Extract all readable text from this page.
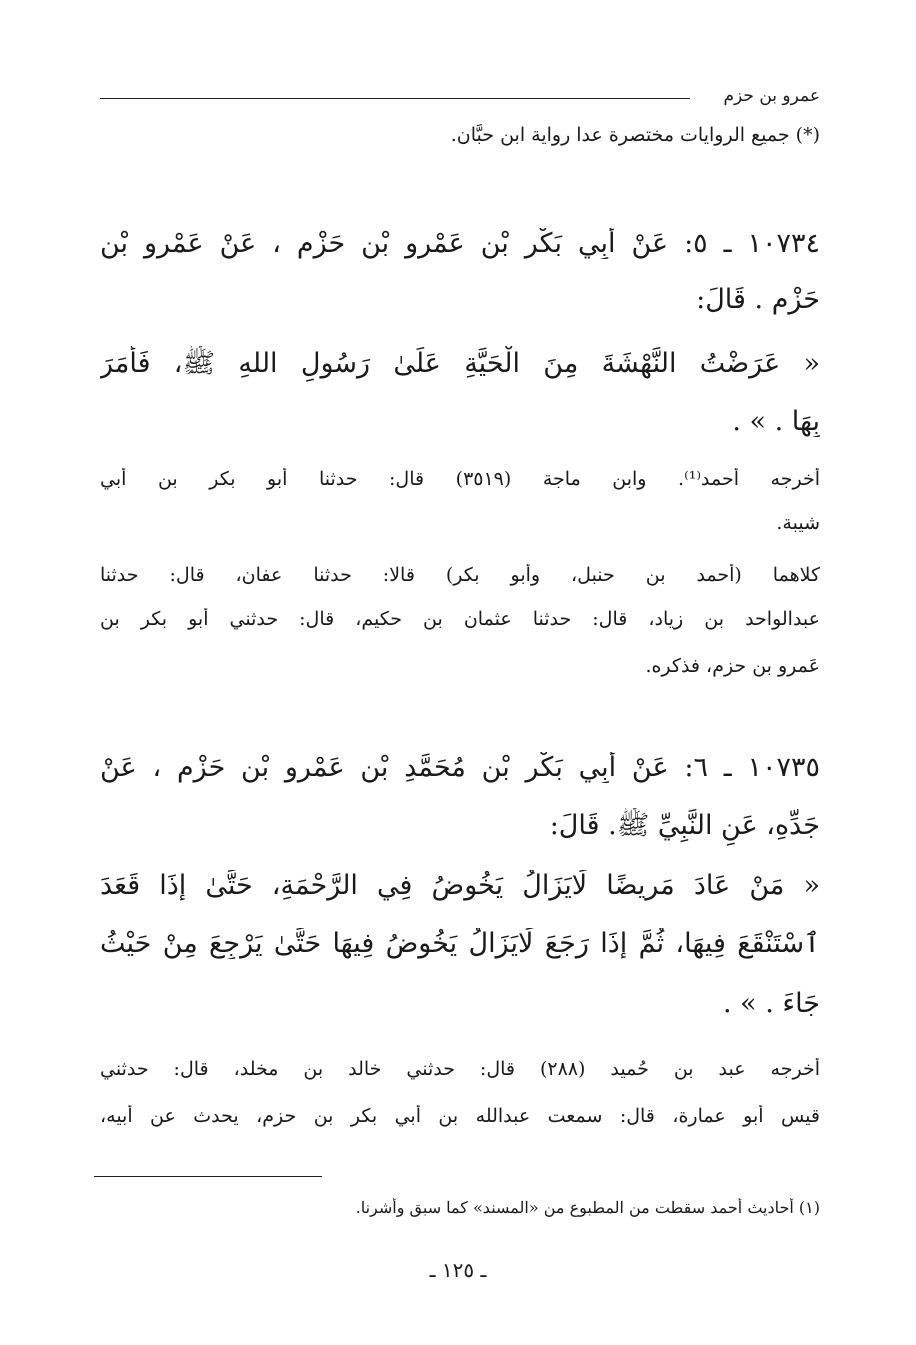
عمرو بن حزم
(*) جميع الروايات مختصرة عدا رواية ابن حبَّان.
١٠٧٣٤ ـ ٥: عَنْ أَبِي بَكْرِ بْنِ عَمْرِو بْنِ حَزْمٍ ، عَنْ عَمْرِو بْنِ
حَزْمٍ . قَالَ:
« عَرَضْتُ النَّهْشَةَ مِنَ الْحَيَّةِ عَلَىٰ رَسُولِ اللهِ ﷺ، فَأَمَرَ
بِهَا . » .
أخرجه أحمد⁽¹⁾. وابن ماجة (٣٥١٩) قال: حدثنا أبو بكر بن أبي
شيبة.
كلاهما (أحمد بن حنبل، وأبو بكر) قالا: حدثنا عفان، قال: حدثنا
عبدالواحد بن زياد، قال: حدثنا عثمان بن حكيم، قال: حدثني أبو بكر بن
عَمرو بن حزم، فذكره.
١٠٧٣٥ ـ ٦: عَنْ أَبِي بَكْرِ بْنِ مُحَمَّدِ بْنِ عَمْرِو بْنِ حَزْمٍ ، عَنْ
جَدِّهِ، عَنِ النَّبِيِّ ﷺ. قَالَ:
« مَنْ عَادَ مَرِيضًا لَايَزَالُ يَخُوضُ فِي الرَّحْمَةِ، حَتَّىٰ إِذَا قَعَدَ
ٱسْتَنْقَعَ فِيهَا، ثُمَّ إِذَا رَجَعَ لَايَزَالُ يَخُوضُ فِيهَا حَتَّىٰ يَرْجِعَ مِنْ حَيْثُ
جَاءَ . » .
أخرجه عبد بن حُميد (٢٨٨) قال: حدثني خالد بن مخلد، قال: حدثني
قيس أبو عمارة، قال: سمعت عبدالله بن أبي بكر بن حزم، يحدث عن أبيه،
(١) أحاديث أحمد سقطت من المطبوع من «المسند» كما سبق وأشرنا.
ـ ١٢٥ ـ
